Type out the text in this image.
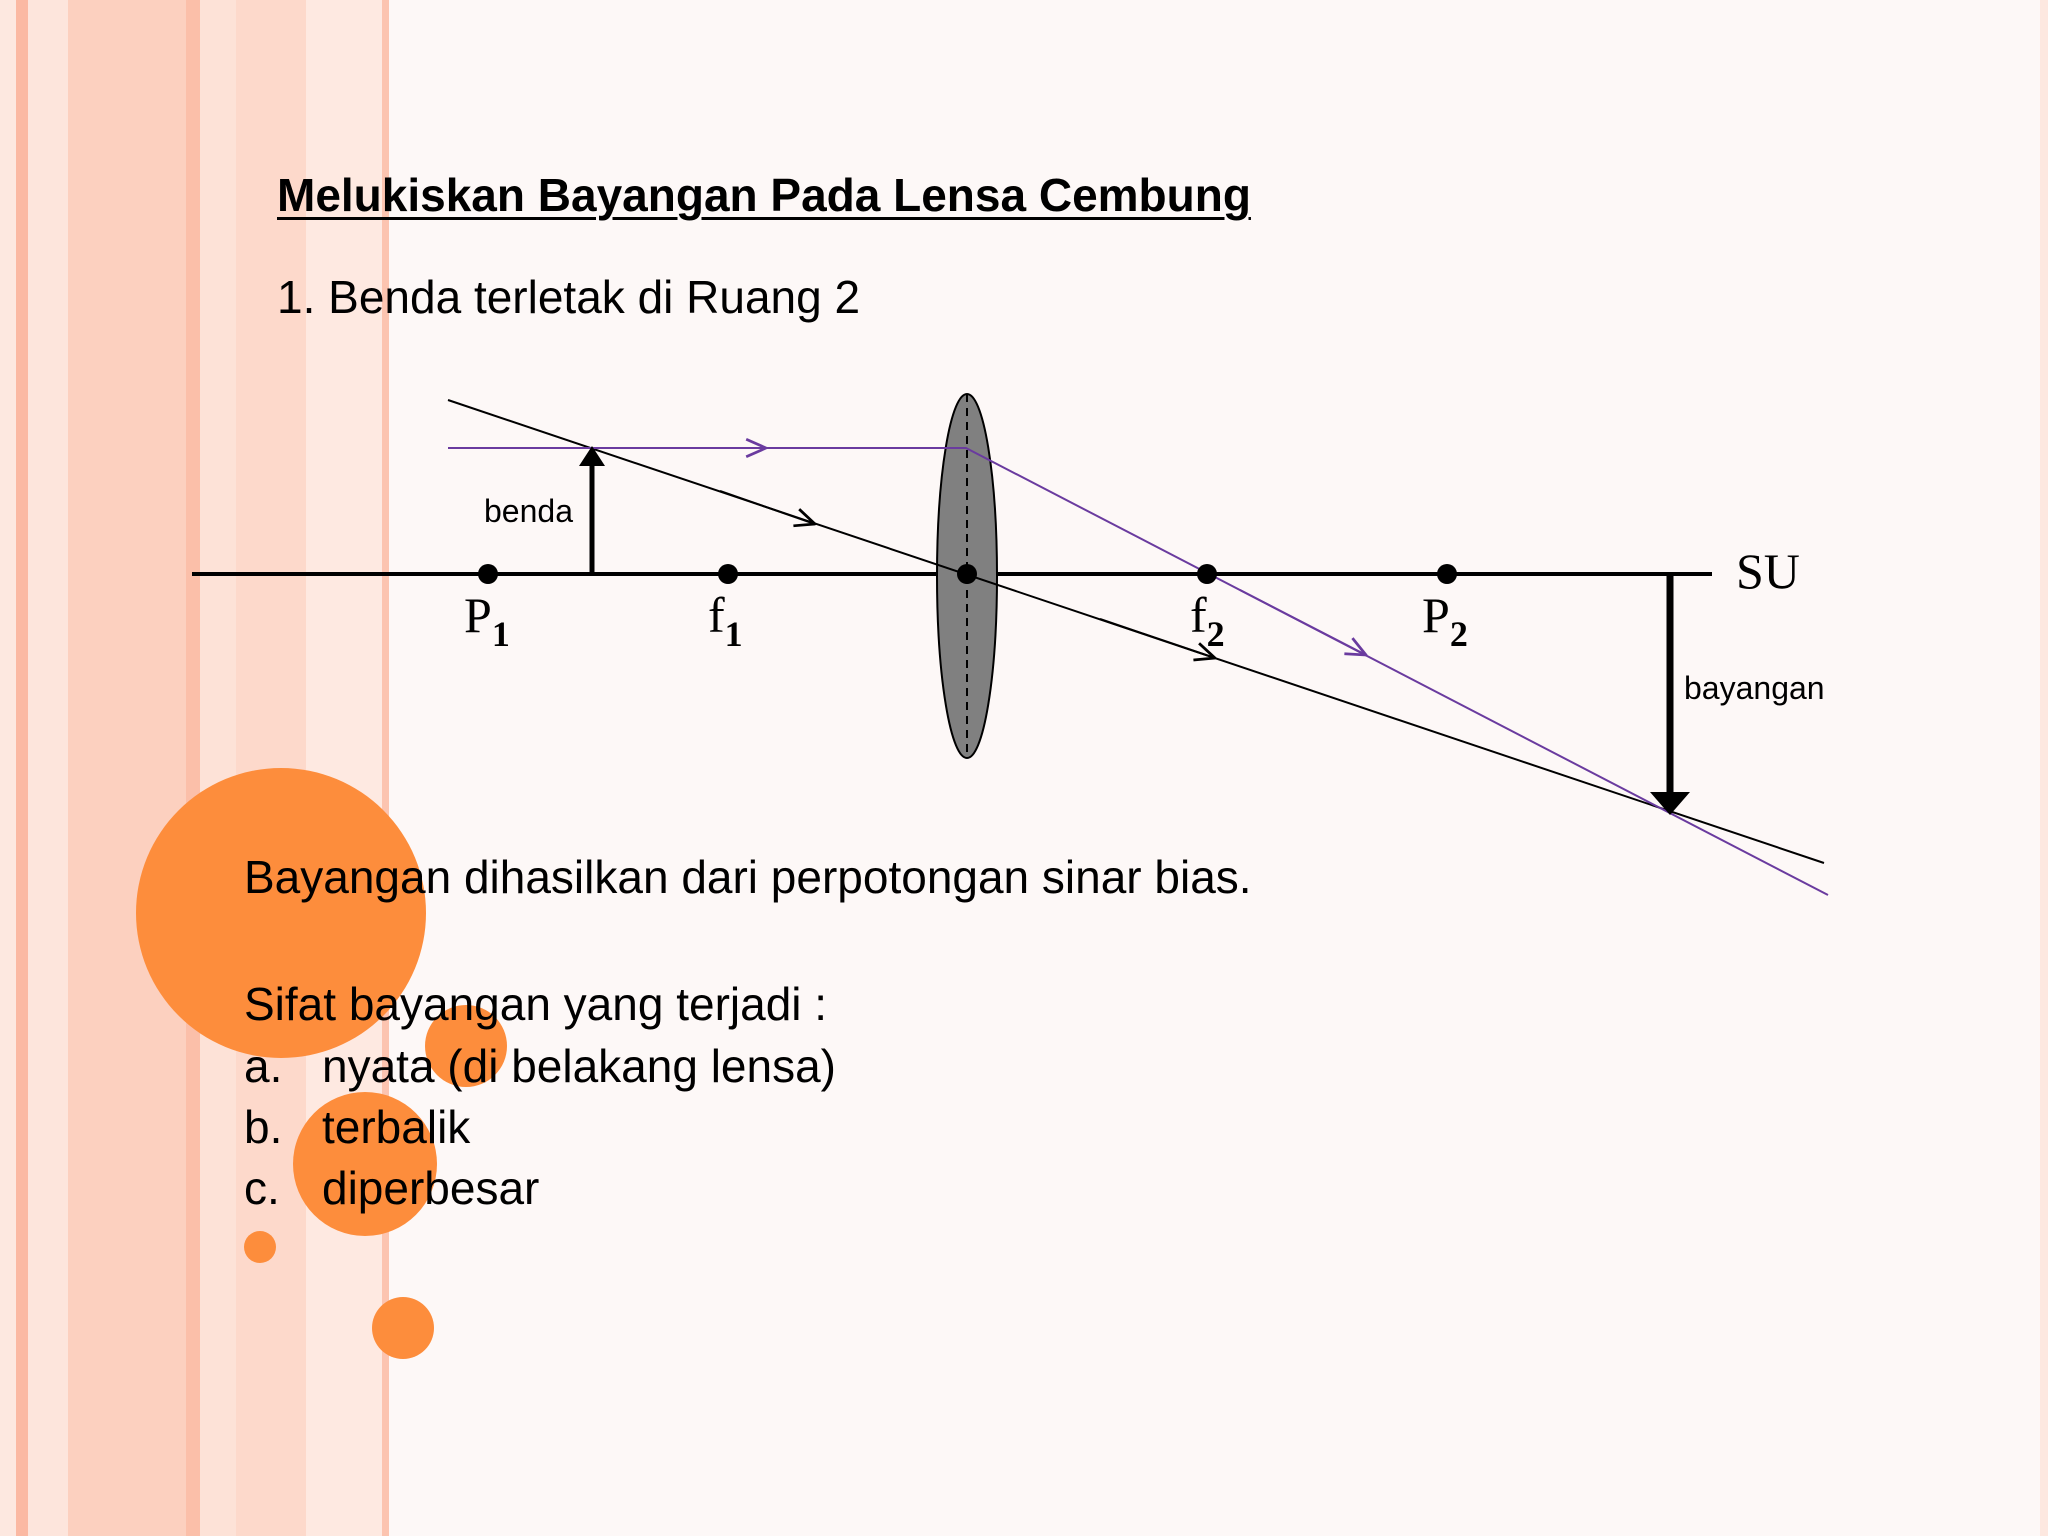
Melukiskan Bayangan Pada Lensa Cembung

1. Benda terletak di Ruang 2

$P_1$	$f_1$	$f_2$	$P_2$
SU
benda
bayangan

Bayangan dihasilkan dari perpotongan sinar bias.

Sifat bayangan yang terjadi :

a. nyata (di belakang lensa)
b. terbalik
c. diperbesar
